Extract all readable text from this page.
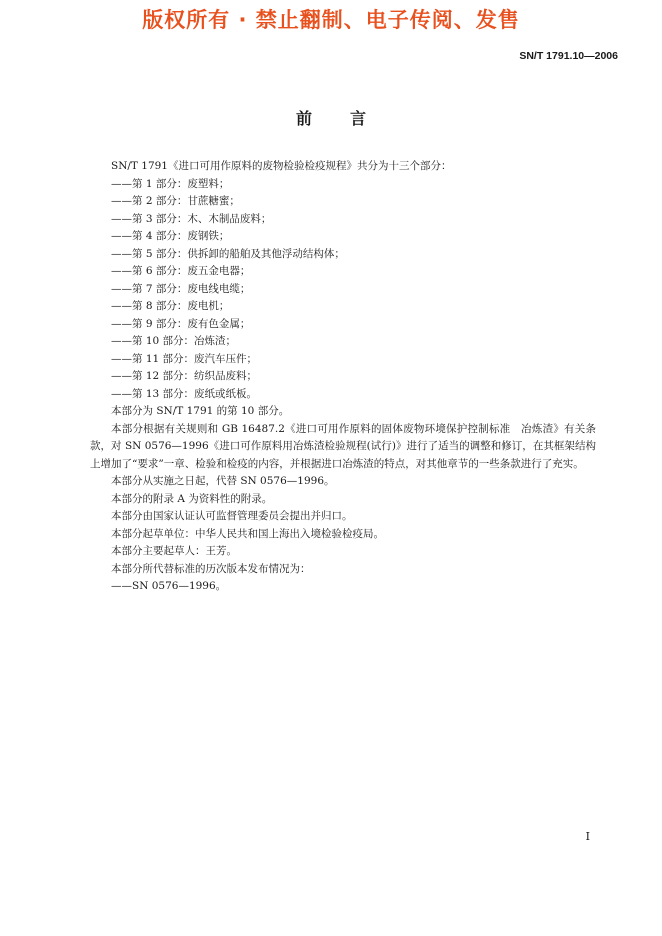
版权所有 · 禁止翻制、电子传阅、发售
SN/T 1791.10—2006
前 言

SN/T 1791《进口可用作原料的废物检验检疫规程》共分为十三个部分：

——第 1 部分：废塑料；

——第 2 部分：甘蔗糖蜜；

——第 3 部分：木、木制品废料；

——第 4 部分：废钢铁；

——第 5 部分：供拆卸的船舶及其他浮动结构体；

——第 6 部分：废五金电器；

——第 7 部分：废电线电缆；

——第 8 部分：废电机；

——第 9 部分：废有色金属；

——第 10 部分：冶炼渣；

——第 11 部分：废汽车压件；

——第 12 部分：纺织品废料；

——第 13 部分：废纸或纸板。

本部分为 SN/T 1791 的第 10 部分。

本部分根据有关规则和 GB 16487.2《进口可用作原料的固体废物环境保护控制标准　冶炼渣》有关条款，对 SN 0576—1996《进口可作原料用冶炼渣检验规程(试行)》进行了适当的调整和修订，在其框架结构上增加了“要求”一章、检验和检疫的内容，并根据进口冶炼渣的特点，对其他章节的一些条款进行了充实。

本部分从实施之日起，代替 SN 0576—1996。

本部分的附录 A 为资料性的附录。

本部分由国家认证认可监督管理委员会提出并归口。

本部分起草单位：中华人民共和国上海出入境检验检疫局。

本部分主要起草人：王芳。

本部分所代替标准的历次版本发布情况为：

——SN 0576—1996。

I
